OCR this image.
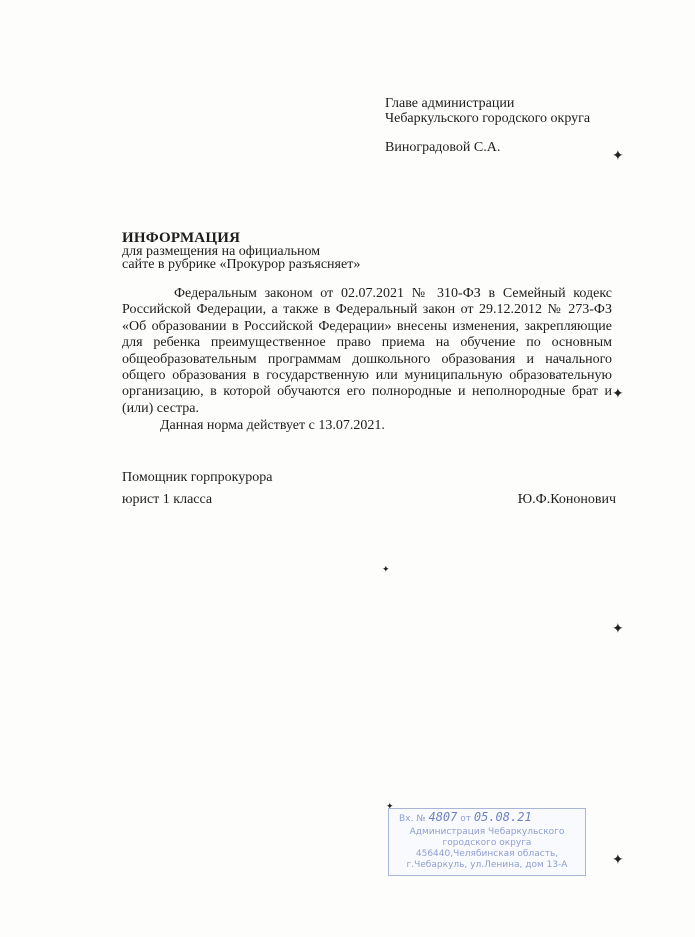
Главе администрации
Чебаркульского городского округа
Виноградовой С.А.
ИНФОРМАЦИЯ
для размещения на официальном
сайте в рубрике «Прокурор разъясняет»

Федеральным законом от 02.07.2021 № 310-ФЗ в Семейный кодекс Российской Федерации, а также в Федеральный закон от 29.12.2012 № 273-ФЗ «Об образовании в Российской Федерации» внесены изменения, закрепляющие для ребенка преимущественное право приема на обучение по основным общеобразовательным программам дошкольного образования и начального общего образования в государственную или муниципальную образовательную организацию, в которой обучаются его полнородные и неполнородные брат и (или) сестра.

Данная норма действует с 13.07.2021.

Помощник горпрокурора
юрист 1 класса	Ю.Ф.Кононович
✦
✦
✦
✦
✦
✦
Вх. № 4807 от 05.08.21
Администрация Чебаркульского
городского округа
456440,Челябинская область,
г.Чебаркуль, ул.Ленина, дом 13-А
